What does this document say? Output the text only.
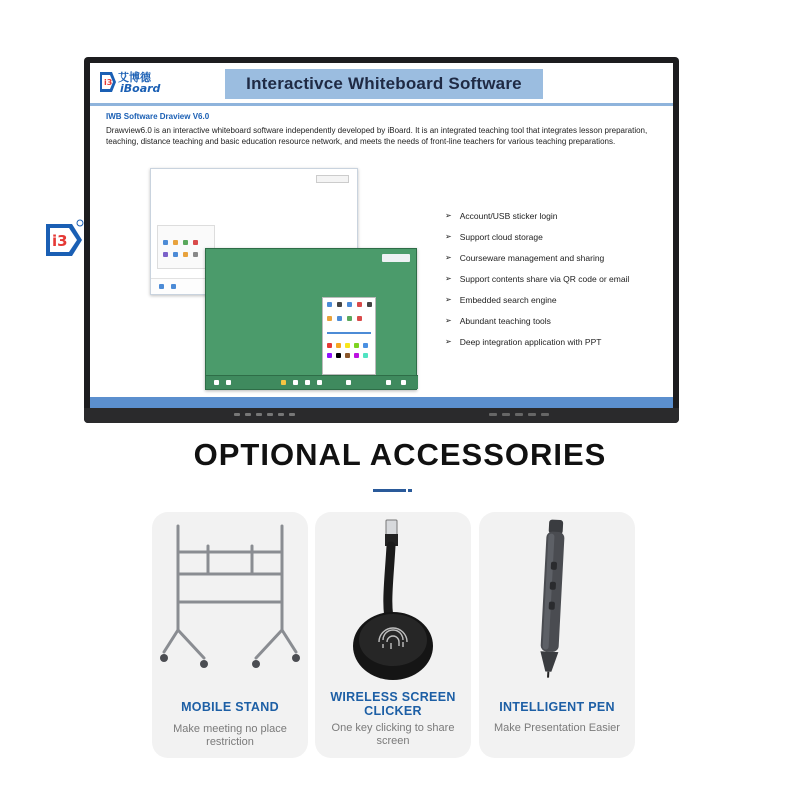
i3 艾博德
iBoard	Interactivce Whiteboard Software
IWB Software Draview V6.0
Drawview6.0 is an interactive whiteboard software independently developed by iBoard. It is an integrated teaching tool that integrates lesson preparation, teaching, distance teaching and basic education resource network, and meets the needs of front-line teachers for various teaching preparations.
➢ Account/USB sticker login
➢ Support cloud storage
➢ Courseware management and sharing
➢ Support contents share via QR code or email
➢ Embedded search engine
➢ Abundant teaching tools
➢ Deep integration application with PPT
i3
OPTIONAL ACCESSORIES
MOBILE STAND
Make meeting no place restriction
WIRELESS SCREEN CLICKER
One key clicking to share screen
INTELLIGENT PEN
Make Presentation Easier
